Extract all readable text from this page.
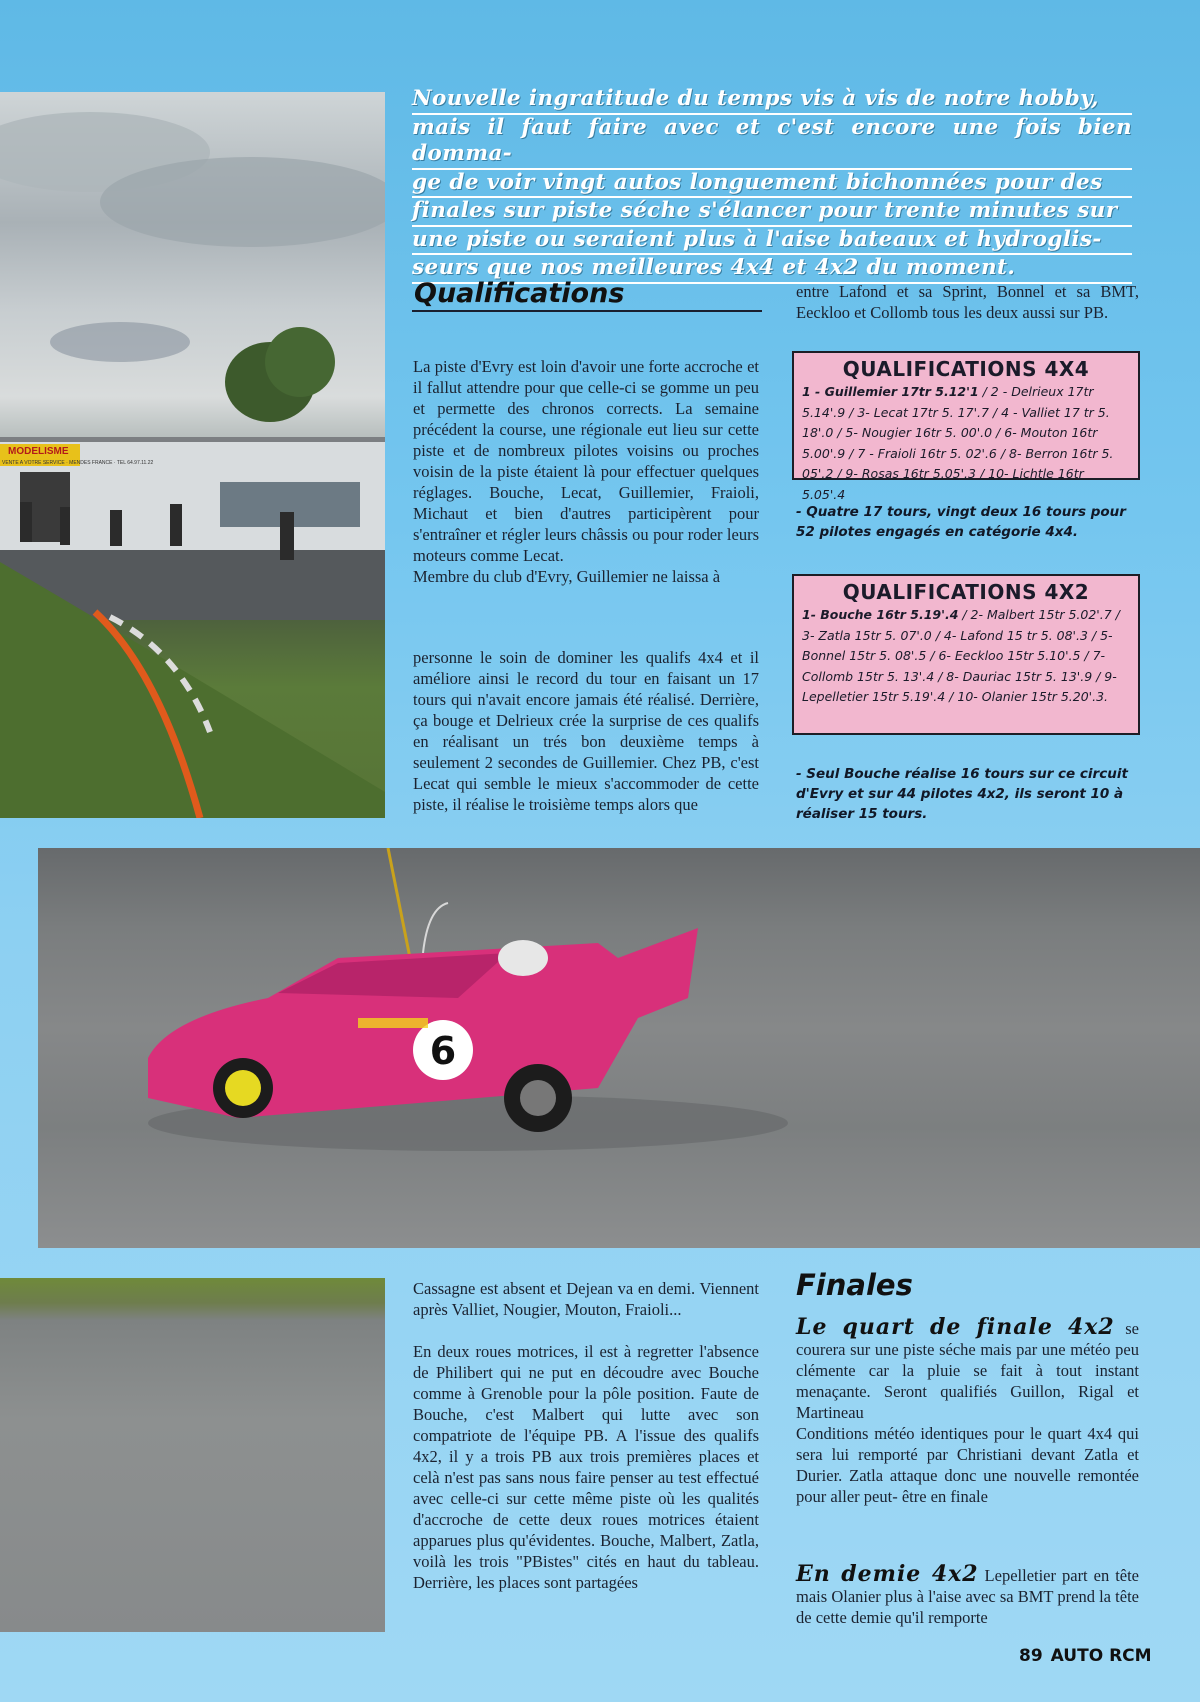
MODELISME
VENTE A VOTRE SERVICE · MENDES FRANCE · TEL 64.97.11.22
Nouvelle ingratitude du temps vis à vis de notre hobby,
mais il faut faire avec et c'est encore une fois bien domma-
ge de voir vingt autos longuement bichonnées pour des
finales sur piste séche s'élancer pour trente minutes sur
une piste ou seraient plus à l'aise bateaux et hydroglis-
seurs que nos meilleures 4x4 et 4x2 du moment.
Qualifications
La piste d'Evry est loin d'avoir une forte accroche et il fallut attendre pour que celle-ci se gomme un peu et permette des chronos corrects. La semaine précédent la course, une régionale eut lieu sur cette piste et de nombreux pilotes voisins ou proches voisin de la piste étaient là pour effectuer quelques réglages. Bouche, Lecat, Guillemier, Fraioli, Michaut et bien d'autres participèrent pour s'entraîner et régler leurs châssis ou pour roder leurs moteurs comme Lecat.
Membre du club d'Evry, Guillemier ne laissa à
personne le soin de dominer les qualifs 4x4 et il améliore ainsi le record du tour en faisant un 17 tours qui n'avait encore jamais été réalisé. Derrière, ça bouge et Delrieux crée la surprise de ces qualifs en réalisant un trés bon deuxième temps à seulement 2 secondes de Guillemier. Chez PB, c'est Lecat qui semble le mieux s'accommoder de cette piste, il réalise le troisième temps alors que
entre Lafond et sa Sprint, Bonnel et sa BMT, Eeckloo et Collomb tous les deux aussi sur PB.
QUALIFICATIONS 4X4
1 - Guillemier 17tr 5.12'1 / 2 - Delrieux 17tr 5.14'.9 / 3- Lecat 17tr 5. 17'.7 / 4 - Valliet 17 tr 5. 18'.0 / 5- Nougier 16tr 5. 00'.0 / 6- Mouton 16tr 5.00'.9 / 7 - Fraioli 16tr 5. 02'.6 / 8- Berron 16tr 5. 05'.2 / 9- Rosas 16tr 5.05'.3 / 10- Lichtle 16tr 5.05'.4
- Quatre 17 tours, vingt deux 16 tours pour 52 pilotes engagés en catégorie 4x4.
QUALIFICATIONS 4X2
1- Bouche 16tr 5.19'.4 / 2- Malbert 15tr 5.02'.7 / 3- Zatla 15tr 5. 07'.0 / 4- Lafond 15 tr 5. 08'.3 / 5- Bonnel 15tr 5. 08'.5 / 6- Eeckloo 15tr 5.10'.5 / 7- Collomb 15tr 5. 13'.4 / 8- Dauriac 15tr 5. 13'.9 / 9- Lepelletier 15tr 5.19'.4 / 10- Olanier 15tr 5.20'.3.
- Seul Bouche réalise 16 tours sur ce circuit d'Evry et sur 44 pilotes 4x2, ils seront 10 à réaliser 15 tours.
6
Cassagne est absent et Dejean va en demi. Viennent après Valliet, Nougier, Mouton, Fraioli...
En deux roues motrices, il est à regretter l'absence de Philibert qui ne put en découdre avec Bouche comme à Grenoble pour la pôle position. Faute de Bouche, c'est Malbert qui lutte avec son compatriote de l'équipe PB. A l'issue des qualifs 4x2, il y a trois PB aux trois premières places et celà n'est pas sans nous faire penser au test effectué avec celle-ci sur cette même piste où les qualités d'accroche de cette deux roues motrices étaient apparues plus qu'évidentes. Bouche, Malbert, Zatla, voilà les trois "PBistes" cités en haut du tableau. Derrière, les places sont partagées
Finales
Le quart de finale 4x2 se courera sur une piste séche mais par une météo peu clémente car la pluie se fait à tout instant menaçante. Seront qualifiés Guillon, Rigal et Martineau
Conditions météo identiques pour le quart 4x4 qui sera lui remporté par Christiani devant Zatla et Durier. Zatla attaque donc une nouvelle remontée pour aller peut- être en finale
En demie 4x2 Lepelletier part en tête mais Olanier plus à l'aise avec sa BMT prend la tête de cette demie qu'il remporte
89 AUTO RCM
